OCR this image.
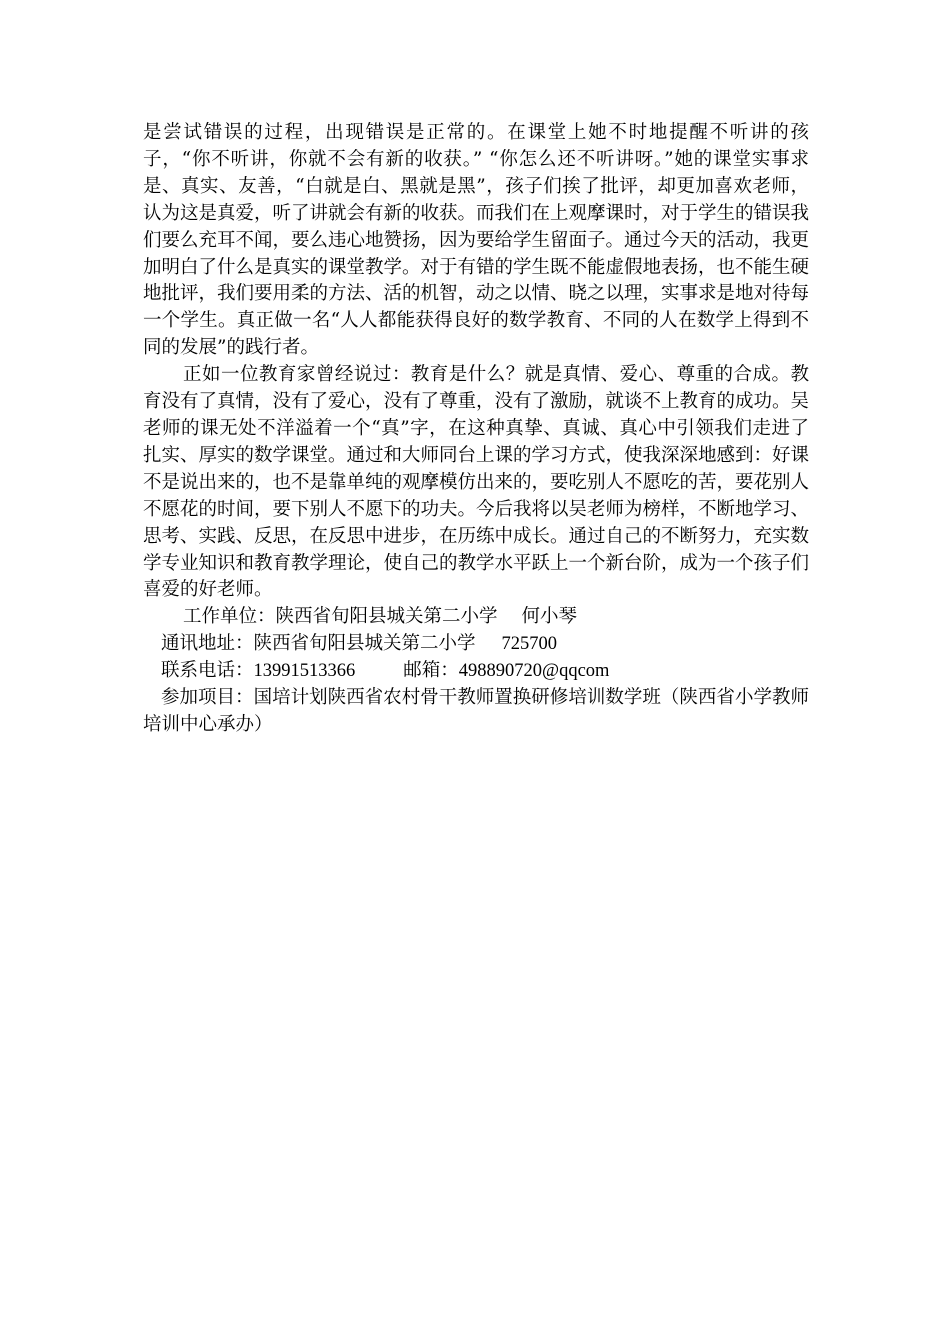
是尝试错误的过程，出现错误是正常的。在课堂上她不时地提醒不听讲的孩子，“你不听讲，你就不会有新的收获。” “你怎么还不听讲呀。”她的课堂实事求是、真实、友善，“白就是白、黑就是黑”，孩子们挨了批评，却更加喜欢老师，认为这是真爱，听了讲就会有新的收获。而我们在上观摩课时，对于学生的错误我们要么充耳不闻，要么违心地赞扬，因为要给学生留面子。通过今天的活动，我更加明白了什么是真实的课堂教学。对于有错的学生既不能虚假地表扬，也不能生硬地批评，我们要用柔的方法、活的机智，动之以情、晓之以理，实事求是地对待每一个学生。真正做一名“人人都能获得良好的数学教育、不同的人在数学上得到不同的发展”的践行者。

正如一位教育家曾经说过：教育是什么？就是真情、爱心、尊重的合成。教育没有了真情，没有了爱心，没有了尊重，没有了激励，就谈不上教育的成功。吴老师的课无处不洋溢着一个“真”字，在这种真挚、真诚、真心中引领我们走进了扎实、厚实的数学课堂。通过和大师同台上课的学习方式，使我深深地感到：好课不是说出来的，也不是靠单纯的观摩模仿出来的，要吃别人不愿吃的苦，要花别人不愿花的时间，要下别人不愿下的功夫。今后我将以吴老师为榜样，不断地学习、思考、实践、反思，在反思中进步，在历练中成长。通过自己的不断努力，充实数学专业知识和教育教学理论，使自己的教学水平跃上一个新台阶，成为一个孩子们喜爱的好老师。

工作单位：陕西省旬阳县城关第二小学 何小琴

通讯地址：陕西省旬阳县城关第二小学 725700

联系电话：13991513366	邮箱：498890720@qqcom

参加项目：国培计划陕西省农村骨干教师置换研修培训数学班（陕西省小学教师培训中心承办）
